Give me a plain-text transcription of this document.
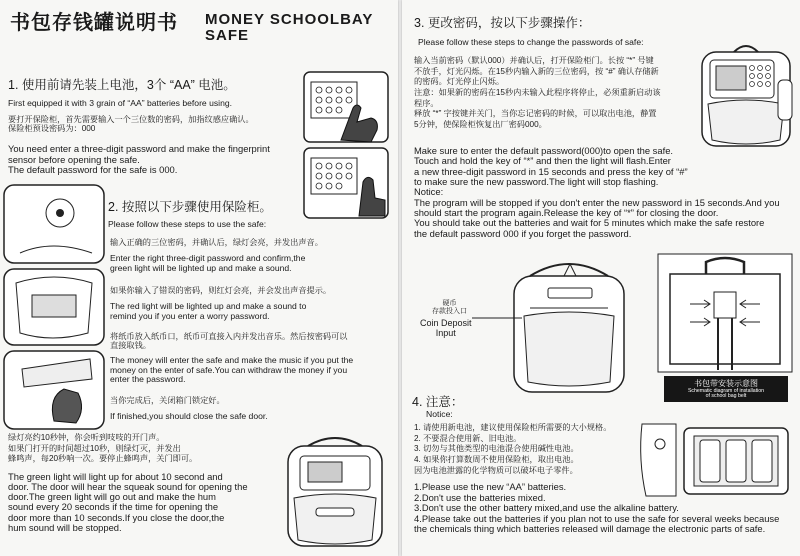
书包存钱罐说明书 MONEY SCHOOLBAY
SAFE
1. 使用前请先装上电池，3个 “AA” 电池。
First equipped it with 3 grain of “AA” batteries before using.
要打开保险柜，首先需要输入一个三位数的密码，加指纹感应确认。
保险柜预设密码为：000
You need enter a three-digit password and make the fingerprint
sensor before opening the safe.
The default password for the safe is 000.
2. 按照以下步骤使用保险柜。
Please follow these steps to use the safe:
输入正确的三位密码，并确认后，绿灯会亮，并发出声音。
Enter the right three-digit password and confirm,the
green light will be lighted up and make a sound.
如果你输入了错误的密码，则红灯会亮，并会发出声音提示。
The red light will be lighted up and make a sound to
remind you if you enter a worry password.
将纸币放入纸币口，纸币可直接入内并发出音乐。然后按密码可以
直接取钱。
The money will enter the safe and make the music if you put the
money on the enter of safe.You can withdraw the money if you
enter the password.
当你完成后，关闭箱门锁定好。
If finished,you should close the safe door.
绿灯亮约10秒钟，你会听到吱吱的开门声。
如果门打开的时间超过10秒，则绿灯灭，并发出
蜂鸣声，每20秒响一次。要停止蜂鸣声，关门即可。
The green light will light up for about 10 second and
door. The door will hear the squeak sound for opening the
door.The green light will go out and make the hum
sound every 20 seconds if the time for opening the
door more than 10 seconds.If you close the door,the
hum sound will be stopped.
3. 更改密码，按以下步骤操作：
Please follow these steps to change the passwords of safe:
输入当前密码（默认000）并确认后，打开保险柜门。长按 “*” 号键
不放手，灯光闪烁。在15秒内输入新的三位密码，按 “#” 确认存储新
的密码。灯光停止闪烁。
注意：如果新的密码在15秒内未输入此程序将停止，必须重新启动该
程序。
释放 “*” 字按键并关门，当你忘记密码的时候，可以取出电池，静置
5分钟，使保险柜恢复出厂密码000。
Make sure to enter the default password(000)to open the safe.
Touch and hold the key of “*” and then the light will flash.Enter
a new three-digit password in 15 seconds and press the key of “#”
to make sure the new password.The light will stop flashing.
Notice:
The program will be stopped if you don't enter the new password in 15 seconds.And you
should start the program again.Release the key of “*” for closing the door.
You should take out the batteries and wait for 5 minutes which make the safe restore
the default password 000 if you forget the password.
硬币
存款投入口
Coin Deposit
Input
书包带安装示意图
Schematic diagram of installation
of school bag belt
4. 注意：
Notice:
1. 请使用新电池，建议使用保险柜所需要的大小规格。
2. 不要混合使用新、旧电池。
3. 切勿与其他类型的电池混合使用碱性电池。
4. 如果你打算数周不使用保险柜，取出电池。
因为电池泄露的化学物质可以破坏电子零件。
1.Please use the new “AA” batteries.
2.Don't use the batteries mixed.
3.Don't use the other battery mixed,and use the alkaline battery.
4.Please take out the batteries if you plan not to use the safe for several weeks because
the chemicals thing which batteries released will damage the electronic parts of safe.
